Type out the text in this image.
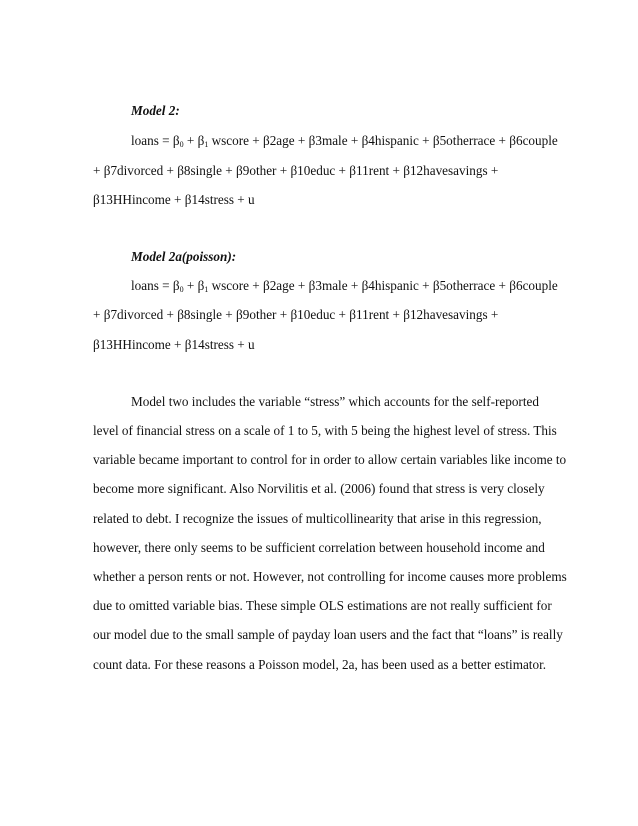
Model 2:
loans = $\beta_0 + \beta_1$ wscore + β2age + β3male + β4hispanic + β5otherrace + β6couple
+ β7divorced + β8single + β9other + β10educ + β11rent + β12havesavings +
β13HHincome + β14stress + u
Model 2a(poisson):
loans = $\beta_0 + \beta_1$ wscore + β2age + β3male + β4hispanic + β5otherrace + β6couple
+ β7divorced + β8single + β9other + β10educ + β11rent + β12havesavings +
β13HHincome + β14stress + u
Model two includes the variable “stress” which accounts for the self-reported
level of financial stress on a scale of 1 to 5, with 5 being the highest level of stress. This
variable became important to control for in order to allow certain variables like income to
become more significant. Also Norvilitis et al. (2006) found that stress is very closely
related to debt. I recognize the issues of multicollinearity that arise in this regression,
however, there only seems to be sufficient correlation between household income and
whether a person rents or not. However, not controlling for income causes more problems
due to omitted variable bias. These simple OLS estimations are not really sufficient for
our model due to the small sample of payday loan users and the fact that “loans” is really
count data. For these reasons a Poisson model, 2a, has been used as a better estimator.
